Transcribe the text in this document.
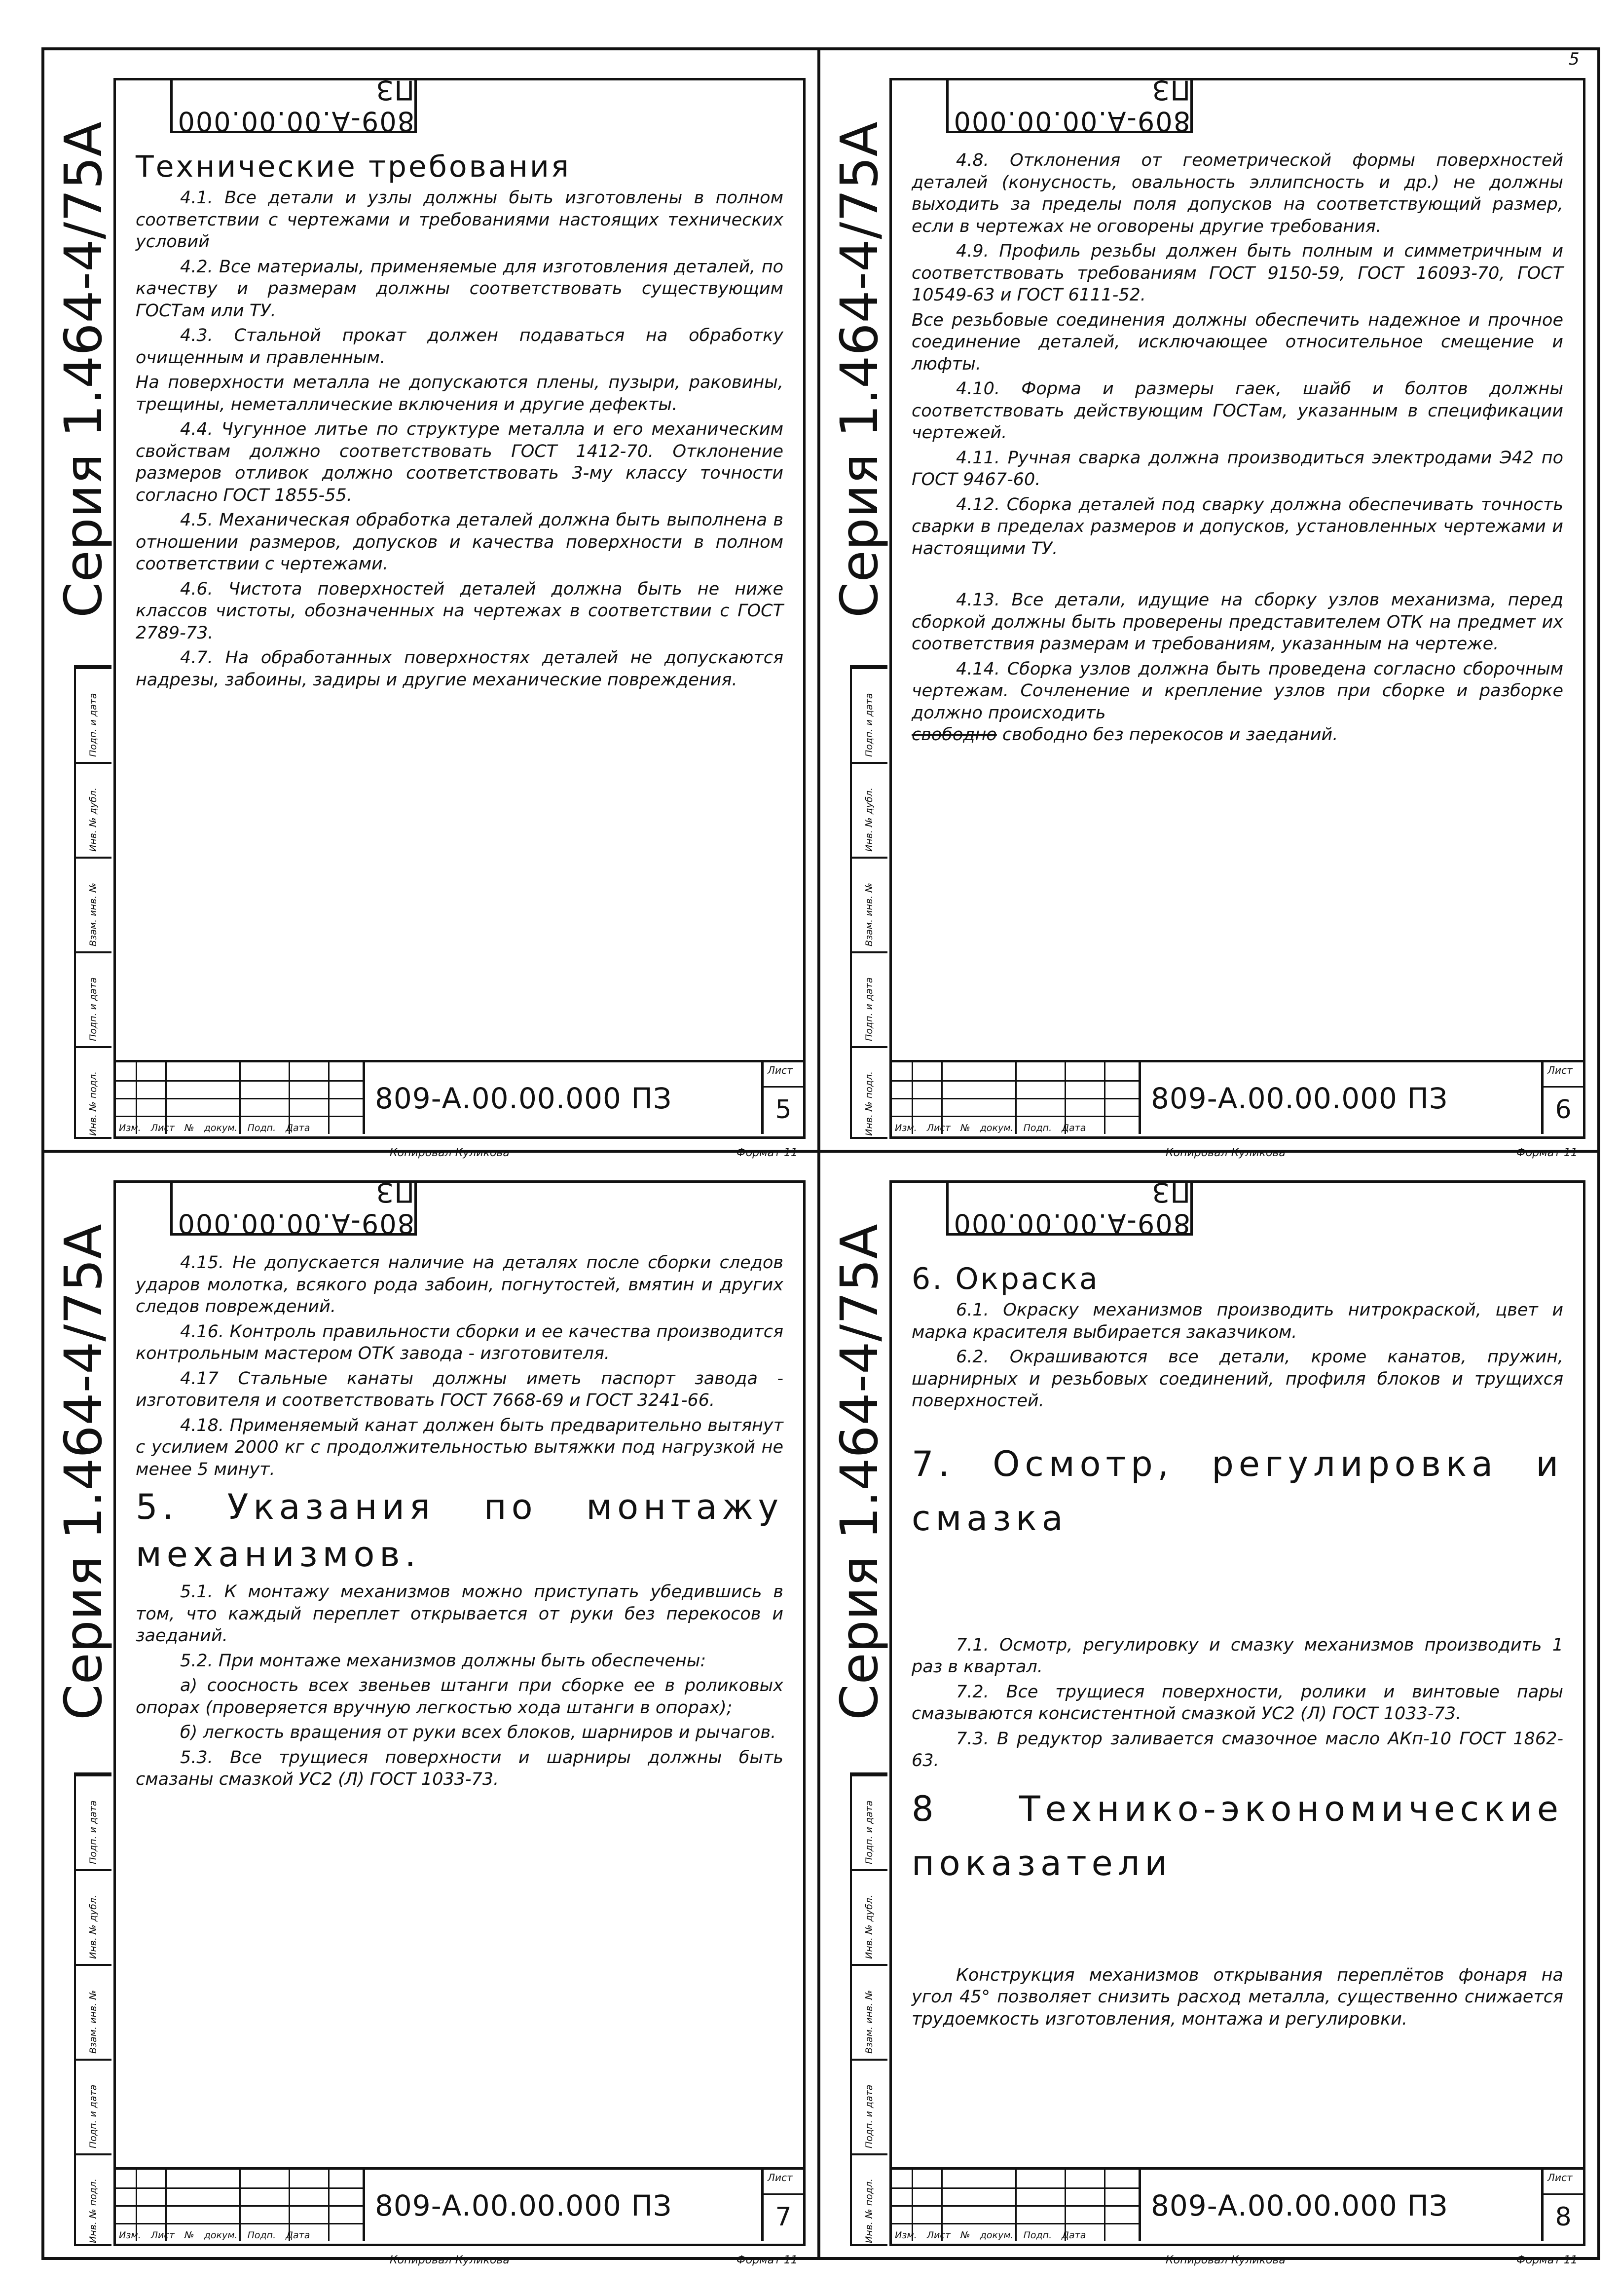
5
Серия 1.464-4/75А
Инв. № подл.
Подп. и дата
Взам. инв. №
Инв. № дубл.
Подп. и дата
809-А.00.00.000 ПЗ

Технические требования

4.1. Все детали и узлы должны быть изготовлены в полном соответствии с чертежами и требованиями настоящих технических условий

4.2. Все материалы, применяемые для изготовления деталей, по качеству и размерам должны соответствовать существующим ГОСТам или ТУ.

4.3. Стальной прокат должен подаваться на обработку очищенным и правленным.

На поверхности металла не допускаются плены, пузыри, раковины, трещины, неметаллические включения и другие дефекты.

4.4. Чугунное литье по структуре металла и его механическим свойствам должно соответствовать ГОСТ 1412-70. Отклонение размеров отливок должно соответствовать 3-му классу точности согласно ГОСТ 1855-55.

4.5. Механическая обработка деталей должна быть выполнена в отношении размеров, допусков и качества поверхности в полном соответствии с чертежами.

4.6. Чистота поверхностей деталей должна быть не ниже классов чистоты, обозначенных на чертежах в соответствии с ГОСТ 2789-73.

4.7. На обработанных поверхностях деталей не допускаются надрезы, забоины, задиры и другие механические повреждения.

Изм. Лист № докум. Подп. Дата
809-А.00.00.000 ПЗ
Лист
5
Копировал Куликова	Формат 11
Серия 1.464-4/75А
Инв. № подл.
Подп. и дата
Взам. инв. №
Инв. № дубл.
Подп. и дата
809-А.00.00.000 ПЗ

4.8. Отклонения от геометрической формы поверхностей деталей (конусность, овальность эллипсность и др.) не должны выходить за пределы поля допусков на соответствующий размер, если в чертежах не оговорены другие требования.

4.9. Профиль резьбы должен быть полным и симметричным и соответствовать требованиям ГОСТ 9150-59, ГОСТ 16093-70, ГОСТ 10549-63 и ГОСТ 6111-52.

Все резьбовые соединения должны обеспечить надежное и прочное соединение деталей, исключающее относительное смещение и люфты.

4.10. Форма и размеры гаек, шайб и болтов должны соответствовать действующим ГОСТам, указанным в спецификации чертежей.

4.11. Ручная сварка должна производиться электродами Э42 по ГОСТ 9467-60.

4.12. Сборка деталей под сварку должна обеспечивать точность сварки в пределах размеров и допусков, установленных чертежами и настоящими ТУ.

4.13. Все детали, идущие на сборку узлов механизма, перед сборкой должны быть проверены представителем ОТК на предмет их соответствия размерам и требованиям, указанным на чертеже.

4.14. Сборка узлов должна быть проведена согласно сборочным чертежам. Сочленение и крепление узлов при сборке и разборке должно происходить

свободно свободно без перекосов и заеданий.

Изм. Лист № докум. Подп. Дата
809-А.00.00.000 ПЗ
Лист
6
Копировал Куликова	Формат 11
Серия 1.464-4/75А
Инв. № подл.
Подп. и дата
Взам. инв. №
Инв. № дубл.
Подп. и дата
809-А.00.00.000 ПЗ

4.15. Не допускается наличие на деталях после сборки следов ударов молотка, всякого рода забоин, погнутостей, вмятин и других следов повреждений.

4.16. Контроль правильности сборки и ее качества производится контрольным мастером ОТК завода - изготовителя.

4.17 Стальные канаты должны иметь паспорт завода - изготовителя и соответствовать ГОСТ 7668-69 и ГОСТ 3241-66.

4.18. Применяемый канат должен быть предварительно вытянут с усилием 2000 кг с продолжительностью вытяжки под нагрузкой не менее 5 минут.

5. Указания по монтажу механизмов.

5.1. К монтажу механизмов можно приступать убедившись в том, что каждый переплет открывается от руки без перекосов и заеданий.

5.2. При монтаже механизмов должны быть обеспечены:

а) соосность всех звеньев штанги при сборке ее в роликовых опорах (проверяется вручную легкостью хода штанги в опорах);

б) легкость вращения от руки всех блоков, шарниров и рычагов.

5.3. Все трущиеся поверхности и шарниры должны быть смазаны смазкой УС2 (Л) ГОСТ 1033-73.

Изм. Лист № докум. Подп. Дата
809-А.00.00.000 ПЗ
Лист
7
Копировал Куликова	Формат 11
Серия 1.464-4/75А
Инв. № подл.
Подп. и дата
Взам. инв. №
Инв. № дубл.
Подп. и дата
809-А.00.00.000 ПЗ

6. Окраска

6.1. Окраску механизмов производить нитрокраской, цвет и марка красителя выбирается заказчиком.

6.2. Окрашиваются все детали, кроме канатов, пружин, шарнирных и резьбовых соединений, профиля блоков и трущихся поверхностей.

7. Осмотр, регулировка и смазка

7.1. Осмотр, регулировку и смазку механизмов производить 1 раз в квартал.

7.2. Все трущиеся поверхности, ролики и винтовые пары смазываются консистентной смазкой УС2 (Л) ГОСТ 1033-73.

7.3. В редуктор заливается смазочное масло АКп-10 ГОСТ 1862-63.

8 Технико-экономические показатели

Конструкция механизмов открывания переплётов фонаря на угол 45° позволяет снизить расход металла, существенно снижается трудоемкость изготовления, монтажа и регулировки.

Изм. Лист № докум. Подп. Дата
809-А.00.00.000 ПЗ
Лист
8
Копировал Куликова	Формат 11
